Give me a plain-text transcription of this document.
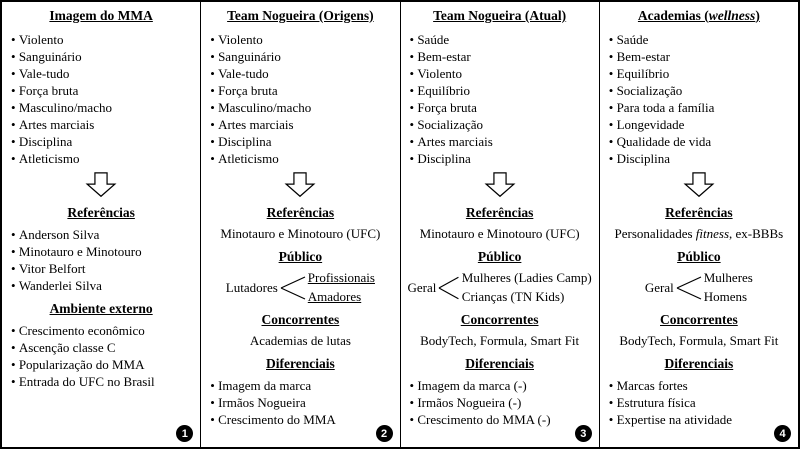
Imagem do MMA
• Violento
• Sanguinário
• Vale-tudo
• Força bruta
• Masculino/macho
• Artes marciais
• Disciplina
• Atleticismo
Referências
• Anderson Silva
• Minotauro e Minotouro
• Vitor Belfort
• Wanderlei Silva
Ambiente externo
• Crescimento econômico
• Ascenção classe C
• Popularização do MMA
• Entrada do UFC no Brasil
1
Team Nogueira (Origens)
• Violento
• Sanguinário
• Vale-tudo
• Força bruta
• Masculino/macho
• Artes marciais
• Disciplina
• Atleticismo
Referências
Minotauro e Minotouro (UFC)
Público
Lutadores
Profissionais
Amadores
Concorrentes
Academias de lutas
Diferenciais
• Imagem da marca
• Irmãos Nogueira
• Crescimento do MMA
2
Team Nogueira (Atual)
• Saúde
• Bem-estar
• Violento
• Equilíbrio
• Força bruta
• Socialização
• Artes marciais
• Disciplina
Referências
Minotauro e Minotouro (UFC)
Público
Geral
Mulheres (Ladies Camp)
Crianças (TN Kids)
Concorrentes
BodyTech, Formula, Smart Fit
Diferenciais
• Imagem da marca (-)
• Irmãos Nogueira (-)
• Crescimento do MMA (-)
3
Academias (wellness)
• Saúde
• Bem-estar
• Equilíbrio
• Socialização
• Para toda a família
• Longevidade
• Qualidade de vida
• Disciplina
Referências
Personalidades fitness, ex-BBBs
Público
Geral
Mulheres
Homens
Concorrentes
BodyTech, Formula, Smart Fit
Diferenciais
• Marcas fortes
• Estrutura física
• Expertise na atividade
4
